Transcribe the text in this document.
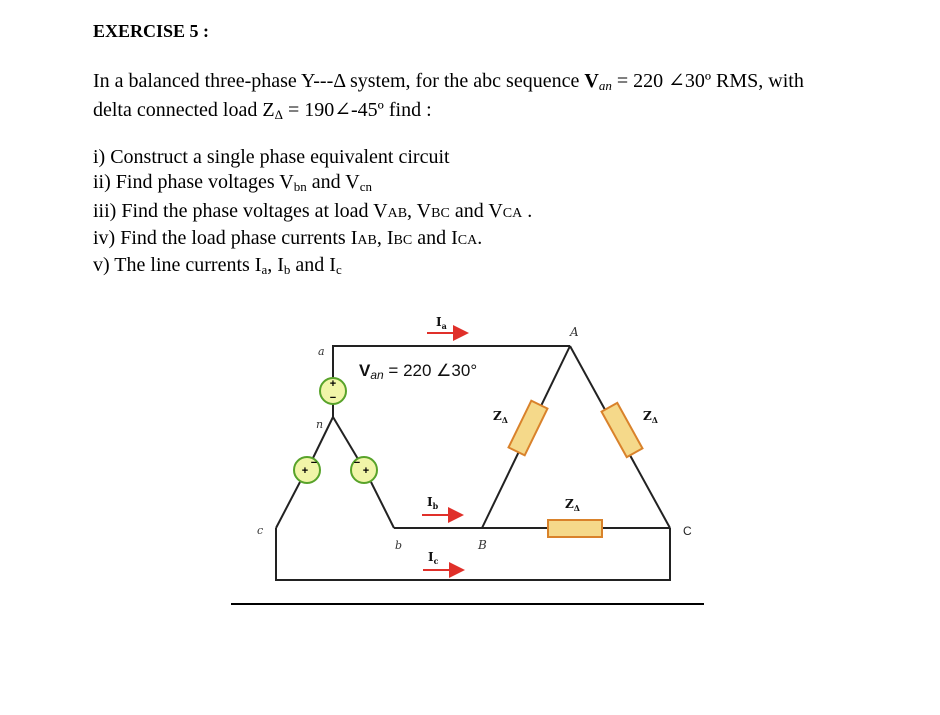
EXERCISE 5 :
In a balanced three-phase Y---Δ system, for the abc sequence $V_{an} = 220$ ∠30º RMS, with
delta connected load $Z_\Delta$ = 190∠-45º find :
i) Construct a single phase equivalent circuit
ii) Find phase voltages $V_{bn}$ and $V_{cn}$
iii) Find the phase voltages at load VAB, VBC and VCA .
iv) Find the load phase currents IAB, IBC and ICA.
v) The line currents $I_a$, $I_b$ and $I_c$
+
−
+
−
+
−
a
n
c
b
A
B
C
Van = 220 ∠30°
$I_a$
$I_b$
$I_c$
$Z_\Delta$	$Z_\Delta$
$Z_\Delta$
